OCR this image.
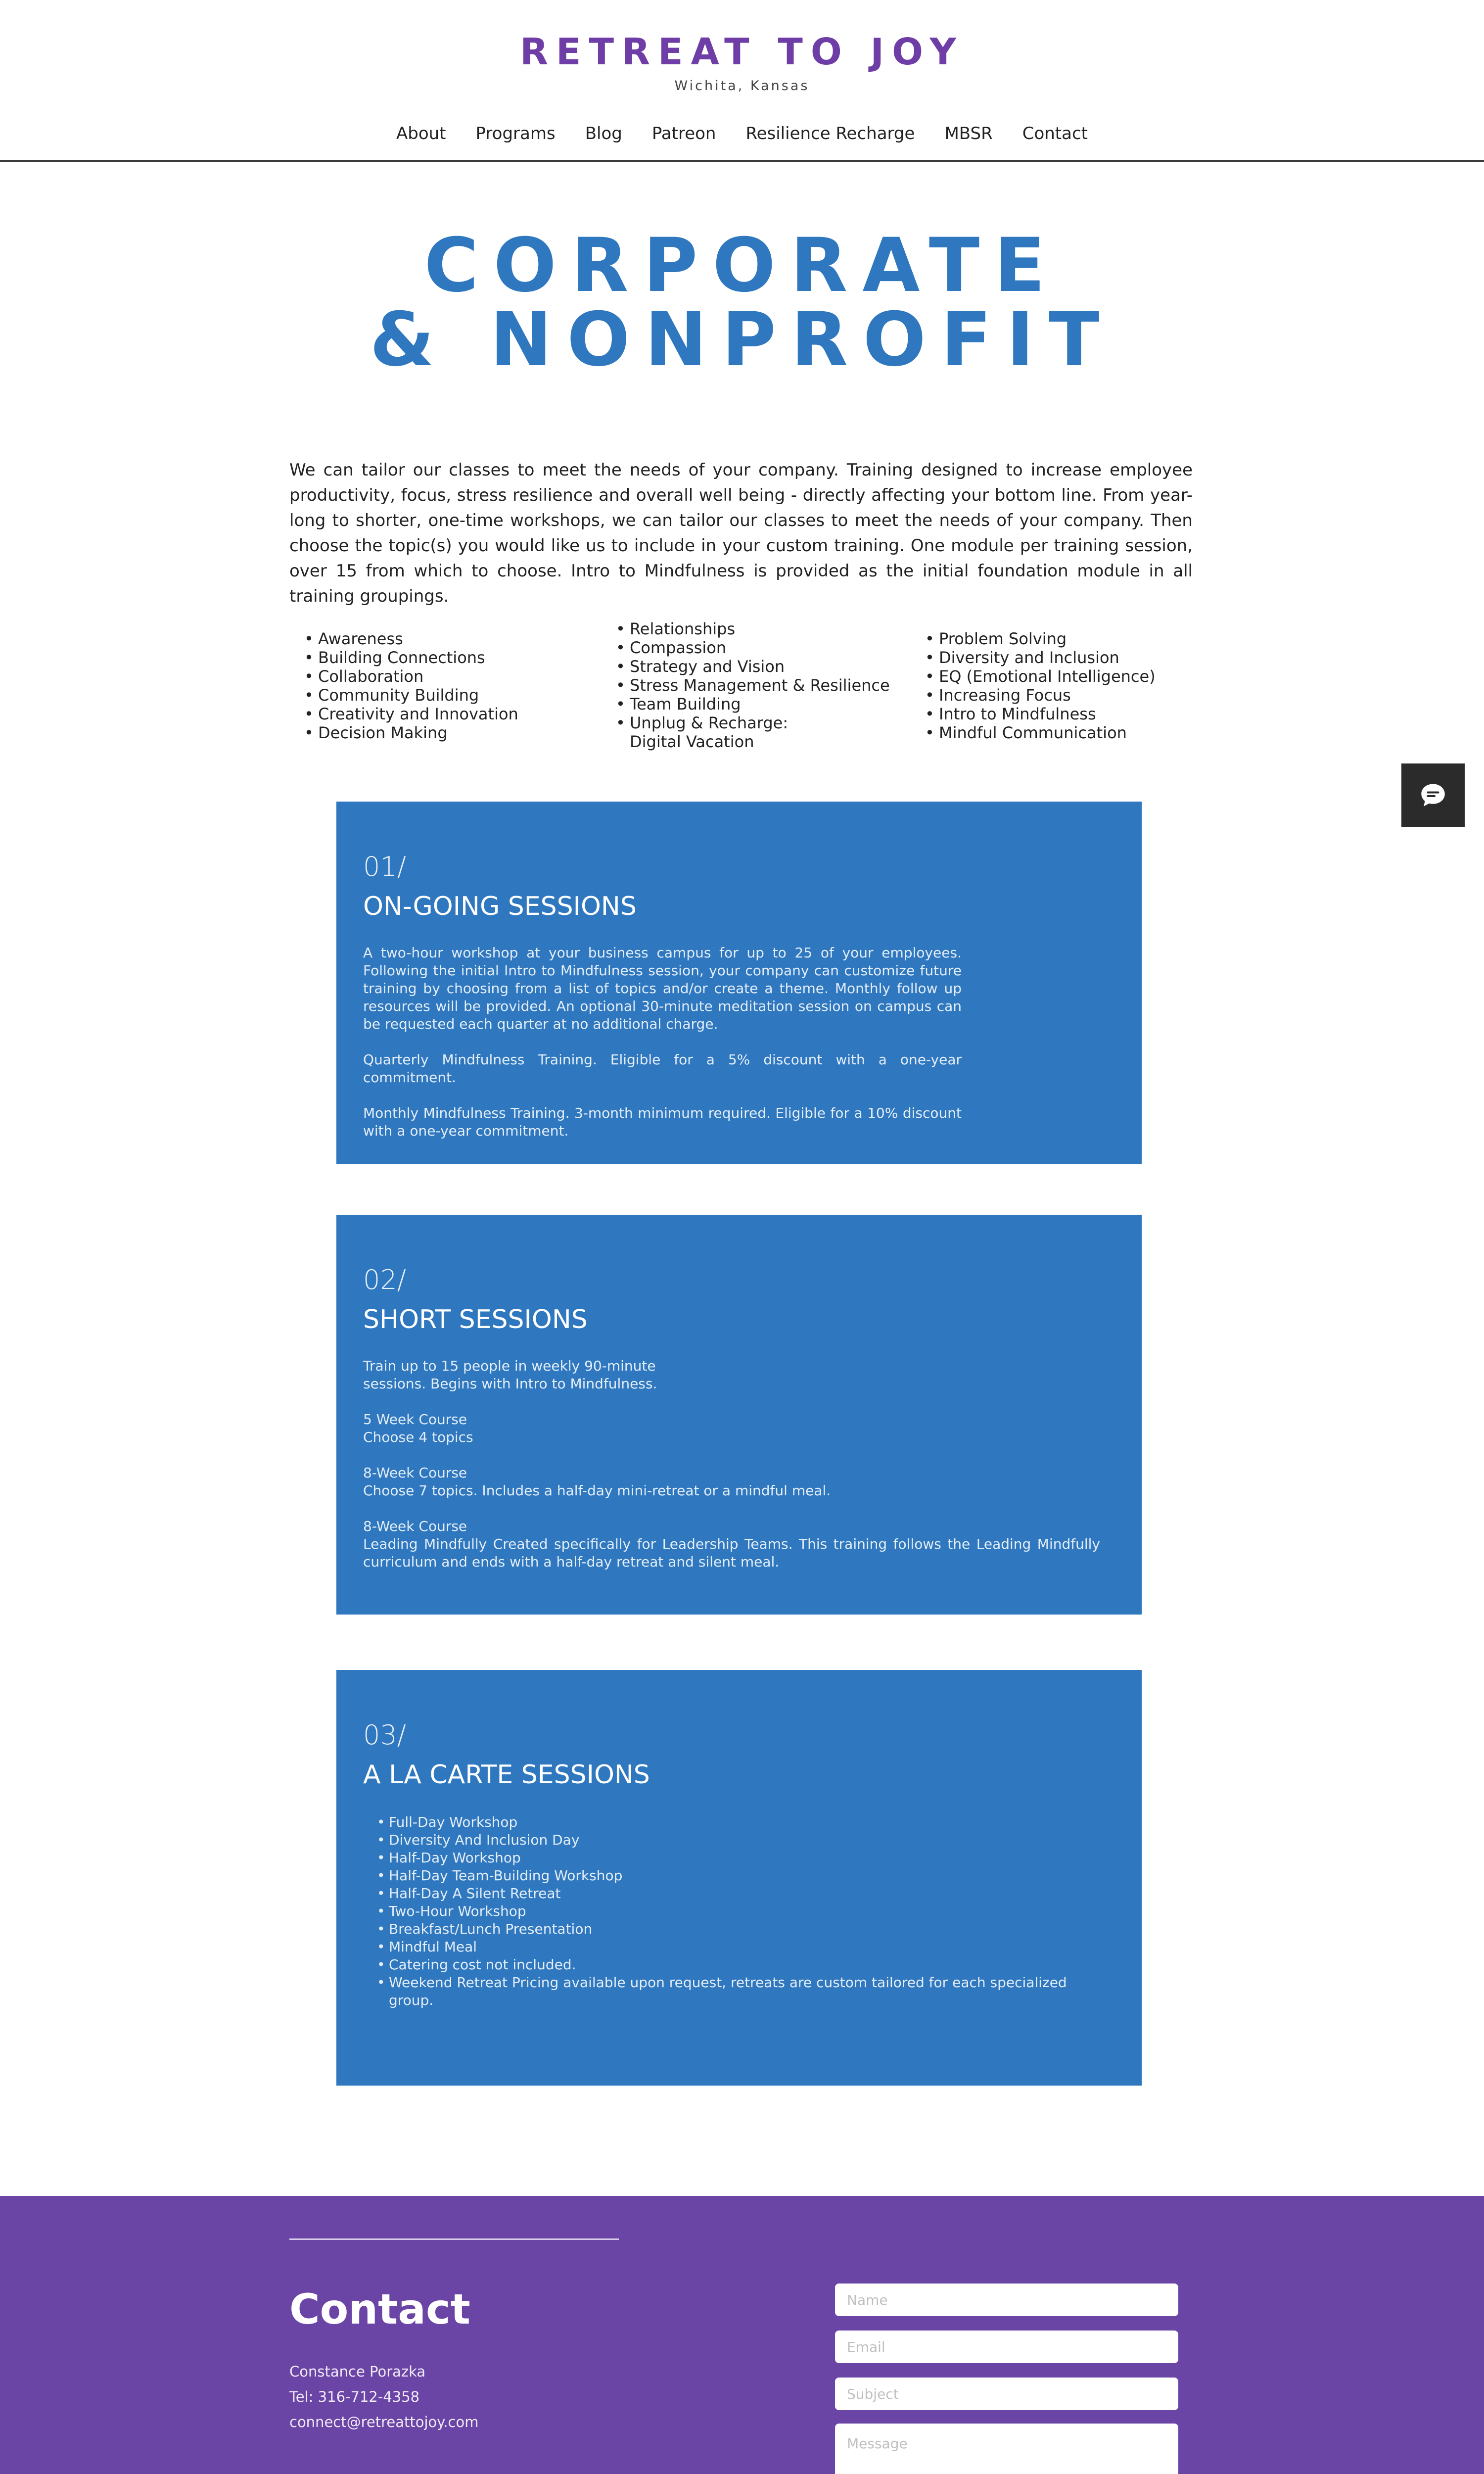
RETREAT TO JOY
Wichita, Kansas
About Programs Blog Patreon Resilience Recharge MBSR Contact
CORPORATE
& NONPROFIT

We can tailor our classes to meet the needs of your company. Training designed to increase employee productivity, focus, stress resilience and overall well being - directly affecting your bottom line. From year-long to shorter, one-time workshops, we can tailor our classes to meet the needs of your company. Then choose the topic(s) you would like us to include in your custom training. One module per training session, over 15 from which to choose. Intro to Mindfulness is provided as the initial foundation module in all training groupings.

• Awareness
• Building Connections
• Collaboration
• Community Building
• Creativity and Innovation
• Decision Making
• Relationships
• Compassion
• Strategy and Vision
• Stress Management & Resilience
• Team Building
• Unplug & Recharge: Digital Vacation
• Problem Solving
• Diversity and Inclusion
• EQ (Emotional Intelligence)
• Increasing Focus
• Intro to Mindfulness
• Mindful Communication
01/
ON-GOING SESSIONS

A two-hour workshop at your business campus for up to 25 of your employees. Following the initial Intro to Mindfulness session, your company can customize future training by choosing from a list of topics and/or create a theme. Monthly follow up resources will be provided. An optional 30-minute meditation session on campus can be requested each quarter at no additional charge.

Quarterly Mindfulness Training. Eligible for a 5% discount with a one-year commitment.

Monthly Mindfulness Training. 3-month minimum required. Eligible for a 10% discount with a one-year commitment.

02/
SHORT SESSIONS

Train up to 15 people in weekly 90-minute
sessions. Begins with Intro to Mindfulness.

5 Week Course
Choose 4 topics

8-Week Course
Choose 7 topics. Includes a half-day mini-retreat or a mindful meal.

8-Week Course
Leading Mindfully Created specifically for Leadership Teams. This training follows the Leading Mindfully curriculum and ends with a half-day retreat and silent meal.

03/
A LA CARTE SESSIONS
• Full-Day Workshop
• Diversity And Inclusion Day
• Half-Day Workshop
• Half-Day Team-Building Workshop
• Half-Day A Silent Retreat
• Two-Hour Workshop
• Breakfast/Lunch Presentation
• Mindful Meal
• Catering cost not included.
• Weekend Retreat Pricing available upon request, retreats are custom tailored for each specialized group.
Contact
Constance Porazka
Tel: 316-712-4358
connect@retreattojoy.com
Name
Email
Subject
Message
